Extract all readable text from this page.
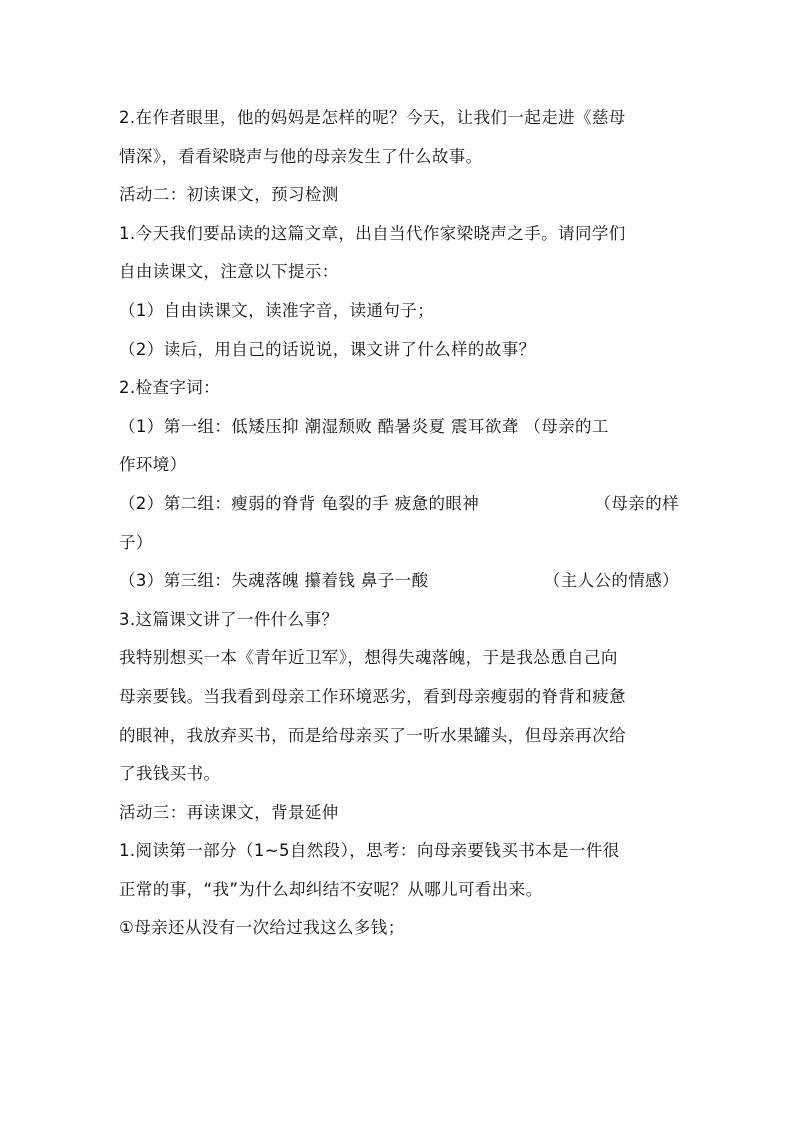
2.在作者眼里，他的妈妈是怎样的呢？今天，让我们一起走进《慈母
情深》，看看梁晓声与他的母亲发生了什么故事。
活动二：初读课文，预习检测
1.今天我们要品读的这篇文章，出自当代作家梁晓声之手。请同学们
自由读课文，注意以下提示：
（1）自由读课文，读准字音，读通句子；
（2）读后，用自己的话说说，课文讲了什么样的故事？
2.检查字词：
（1）第一组：低矮压抑 潮湿颓败 酷暑炎夏 震耳欲聋 （母亲的工
作环境）
（2）第二组：瘦弱的脊背 龟裂的手 疲惫的眼神	（母亲的样
子）
（3）第三组：失魂落魄 攥着钱 鼻子一酸	（主人公的情感）
3.这篇课文讲了一件什么事？
我特别想买一本《青年近卫军》，想得失魂落魄，于是我怂恿自己向
母亲要钱。当我看到母亲工作环境恶劣，看到母亲瘦弱的脊背和疲惫
的眼神，我放弃买书，而是给母亲买了一听水果罐头，但母亲再次给
了我钱买书。
活动三：再读课文，背景延伸
1.阅读第一部分（1~5自然段），思考：向母亲要钱买书本是一件很
正常的事，“我”为什么却纠结不安呢？从哪儿可看出来。
①母亲还从没有一次给过我这么多钱；
